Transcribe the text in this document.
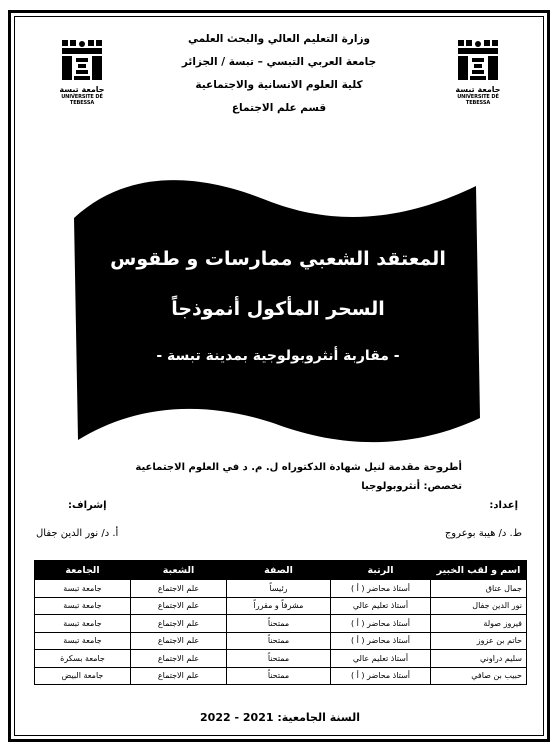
جامعة تبسة
UNIVERSITE DE TEBESSA
جامعة تبسة
UNIVERSITE DE TEBESSA
وزارة التعليم العالي والبحث العلمي
جامعة العربي التبسي – تبسة / الجزائر
كلية العلوم الانسانية والاجتماعية
قسم علم الاجتماع
المعتقد الشعبي ممارسات و طقوس
السحر المأكول أنموذجاً
- مقاربة أنثروبولوجية بمدينة تبسة -
أطروحة مقدمة لنيل شهادة الدكتوراه ل. م. د في العلوم الاجتماعية
تخصص: أنثروبولوجيا
إعداد:
إشراف:
ط. د/ هيبة بوعروج
أ. د/ نور الدين جفال
اسم و لقب الخبير	الرتبة	الصفة	الشعبة	الجامعة
جمال عتاق	أستاذ محاضر ( أ )	رئيساً	علم الاجتماع	جامعة تبسة
نور الدين جفال	أستاذ تعليم عالي	مشرفاً و مقرراً	علم الاجتماع	جامعة تبسة
فيروز صولة	أستاذ محاضر ( أ )	ممتحناً	علم الاجتماع	جامعة تبسة
حاتم بن عزوز	أستاذ محاضر ( أ )	ممتحناً	علم الاجتماع	جامعة تبسة
سليم دراوني	أستاذ تعليم عالي	ممتحناً	علم الاجتماع	جامعة بسكرة
حبيب بن صافي	أستاذ محاضر ( أ )	ممتحناً	علم الاجتماع	جامعة البيض
السنة الجامعية: 2021 - 2022
